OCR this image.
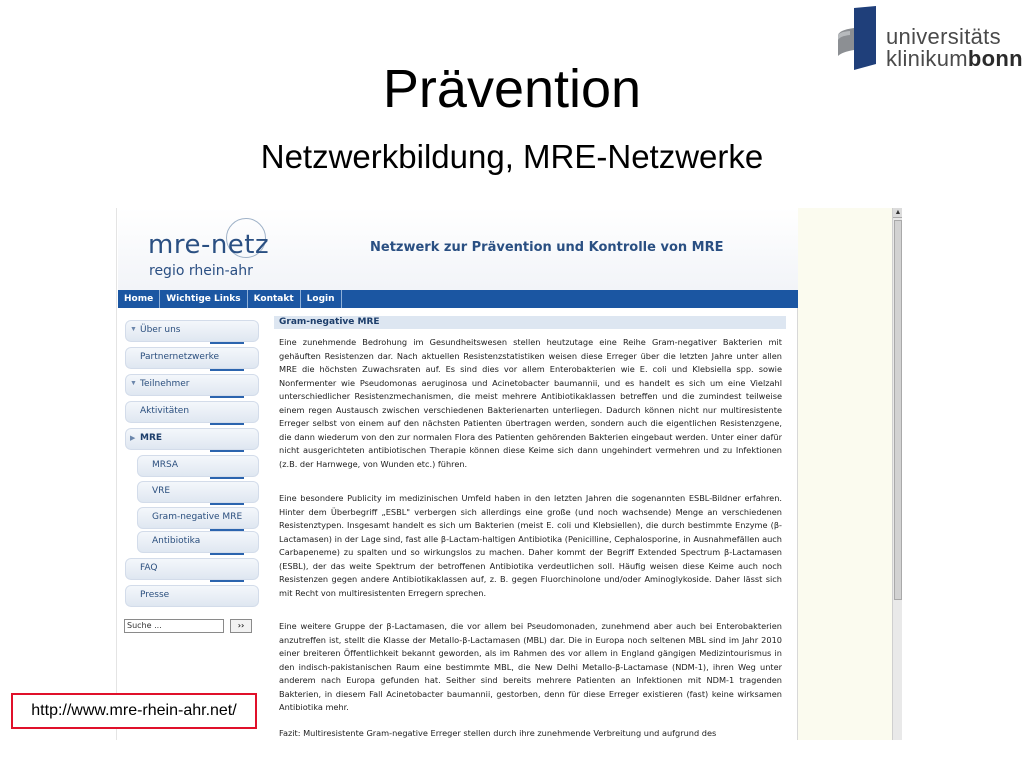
Prävention
Netzwerkbildung, MRE-Netzwerke
universitäts
klinikumbonn
mre-netz
regio rhein-ahr
Netzwerk zur Prävention und Kontrolle von MRE
Home	Wichtige Links	Kontakt	Login
▼ Über uns
Partnernetzwerke
▼ Teilnehmer
Aktivitäten
▶ MRE
MRSA
VRE
Gram-negative MRE
Antibiotika
FAQ
Presse
Suche ...	››
Gram-negative MRE

Eine zunehmende Bedrohung im Gesundheitswesen stellen heutzutage eine Reihe Gram-negativer Bakterien mit gehäuften Resistenzen dar. Nach aktuellen Resistenzstatistiken weisen diese Erreger über die letzten Jahre unter allen MRE die höchsten Zuwachsraten auf. Es sind dies vor allem Enterobakterien wie E. coli und Klebsiella spp. sowie Nonfermenter wie Pseudomonas aeruginosa und Acinetobacter baumannii, und es handelt es sich um eine Vielzahl unterschiedlicher Resistenzmechanismen, die meist mehrere Antibiotikaklassen betreffen und die zumindest teilweise einem regen Austausch zwischen verschiedenen Bakterienarten unterliegen. Dadurch können nicht nur multiresistente Erreger selbst von einem auf den nächsten Patienten übertragen werden, sondern auch die eigentlichen Resistenzgene, die dann wiederum von den zur normalen Flora des Patienten gehörenden Bakterien eingebaut werden. Unter einer dafür nicht ausgerichteten antibiotischen Therapie können diese Keime sich dann ungehindert vermehren und zu Infektionen (z.B. der Harnwege, von Wunden etc.) führen.

Eine besondere Publicity im medizinischen Umfeld haben in den letzten Jahren die sogenannten ESBL-Bildner erfahren. Hinter dem Überbegriff „ESBL" verbergen sich allerdings eine große (und noch wachsende) Menge an verschiedenen Resistenztypen. Insgesamt handelt es sich um Bakterien (meist E. coli und Klebsiellen), die durch bestimmte Enzyme (β-Lactamasen) in der Lage sind, fast alle β-Lactam-haltigen Antibiotika (Penicilline, Cephalosporine, in Ausnahmefällen auch Carbapeneme) zu spalten und so wirkungslos zu machen. Daher kommt der Begriff Extended Spectrum β-Lactamasen (ESBL), der das weite Spektrum der betroffenen Antibiotika verdeutlichen soll. Häufig weisen diese Keime auch noch Resistenzen gegen andere Antibiotikaklassen auf, z. B. gegen Fluorchinolone und/oder Aminoglykoside. Daher lässt sich mit Recht von multiresistenten Erregern sprechen.

Eine weitere Gruppe der β-Lactamasen, die vor allem bei Pseudomonaden, zunehmend aber auch bei Enterobakterien anzutreffen ist, stellt die Klasse der Metallo-β-Lactamasen (MBL) dar. Die in Europa noch seltenen MBL sind im Jahr 2010 einer breiteren Öffentlichkeit bekannt geworden, als im Rahmen des vor allem in England gängigen Medizintourismus in den indisch-pakistanischen Raum eine bestimmte MBL, die New Delhi Metallo-β-Lactamase (NDM-1), ihren Weg unter anderem nach Europa gefunden hat. Seither sind bereits mehrere Patienten an Infektionen mit NDM-1 tragenden Bakterien, in diesem Fall Acinetobacter baumannii, gestorben, denn für diese Erreger existieren (fast) keine wirksamen Antibiotika mehr.

Fazit: Multiresistente Gram-negative Erreger stellen durch ihre zunehmende Verbreitung und aufgrund des

▲
http://www.mre-rhein-ahr.net/
